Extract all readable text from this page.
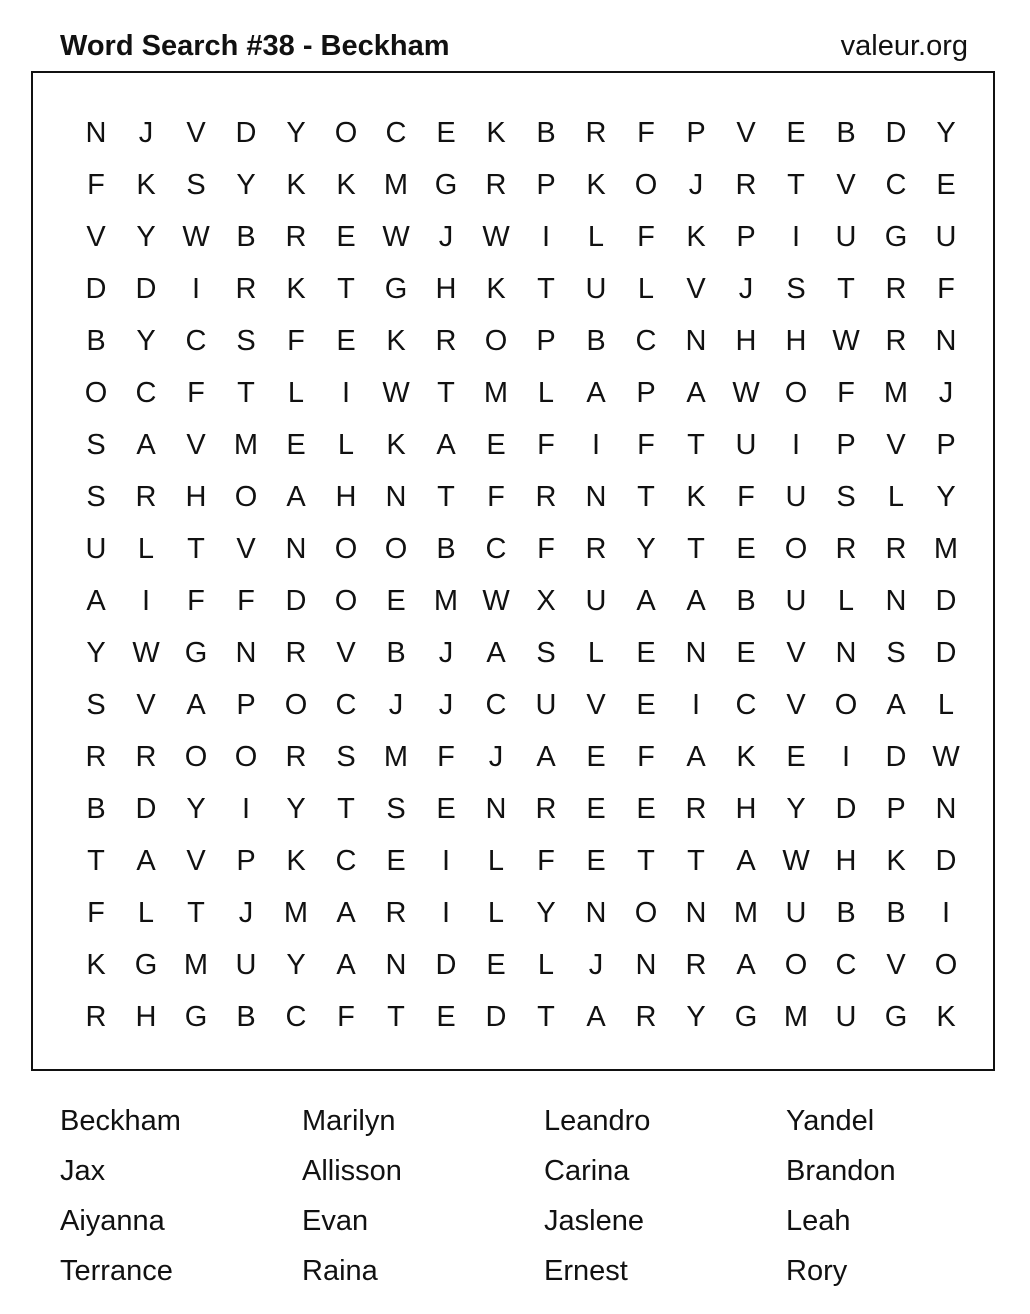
Word Search #38 - Beckham	valeur.org
N	J	V	D	Y	O C	E	K	B	R	F	P	V	E	B	D	Y
F	K	S	Y	K	K M G R	P	K	O	J	R	T	V	C	E
V	Y W B	R	E W	J	W	I	L	F	K	P	I	U G U
D	D	I	R	K	T	G H	K	T	U	L	V	J	S	T	R	F
B	Y	C	S	F	E	K	R O	P	B	C	N	H	H W R	N
O C	F	T	L	I	W T	M	L	A	P	A W O	F	M	J
S	A	V M E	L	K	A	E	F	I	F	T	U	I	P	V	P
S	R	H O	A	H	N	T	F	R	N	T	K	F	U	S	L	Y
U	L	T	V	N O O	B	C	F	R	Y	T	E	O R	R M
A	I	F	F	D O	E M W X	U	A	A	B	U	L	N	D
Y W G N	R	V	B	J	A	S	L	E	N	E	V	N	S	D
S	V	A	P	O C	J	J	C	U	V	E	I	C	V	O	A	L
R	R O O R	S M	F	J	A	E	F	A	K	E	I	D W
B	D	Y	I	Y	T	S	E	N	R	E	E	R	H	Y	D	P	N
T	A	V	P	K	C	E	I	L	F	E	T	T	A W H	K	D
F	L	T	J	M A	R	I	L	Y	N O N M U	B	B	I
K	G M U	Y	A	N	D	E	L	J	N	R	A	O C	V	O
R	H G	B	C	F	T	E	D	T	A	R	Y	G M U G	K
Beckham	Marilyn	Leandro	Yandel
Jax	Allisson	Carina	Brandon
Aiyanna	Evan	Jaslene	Leah
Terrance	Raina	Ernest	Rory
